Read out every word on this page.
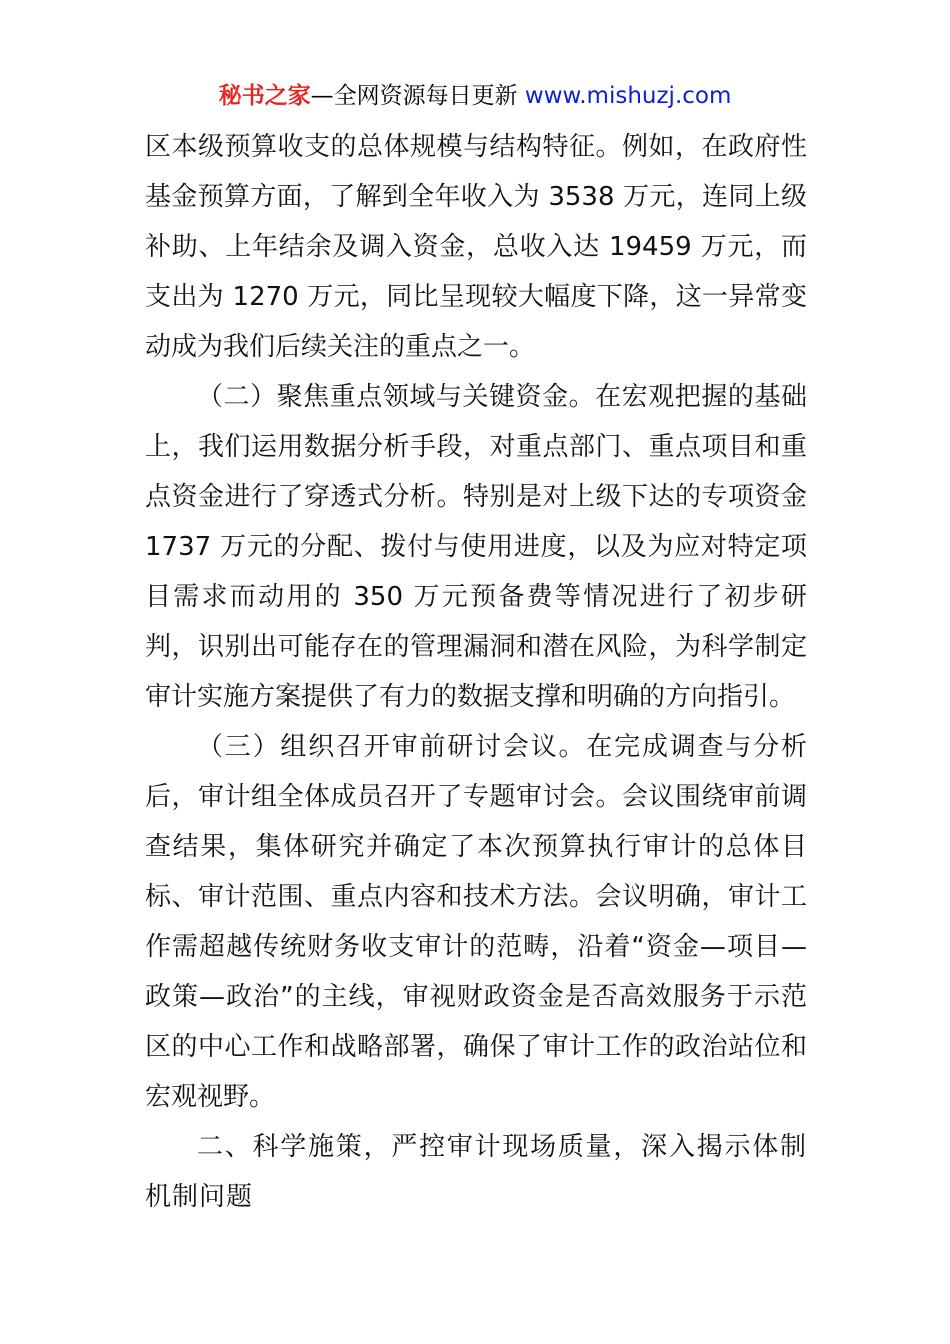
秘书之家—全网资源每日更新 www.mishuzj.com

区本级预算收支的总体规模与结构特征。例如，在政府性基金预算方面，了解到全年收入为 3538 万元，连同上级补助、上年结余及调入资金，总收入达 19459 万元，而支出为 1270 万元，同比呈现较大幅度下降，这一异常变动成为我们后续关注的重点之一。

（二）聚焦重点领域与关键资金。在宏观把握的基础上，我们运用数据分析手段，对重点部门、重点项目和重点资金进行了穿透式分析。特别是对上级下达的专项资金 1737 万元的分配、拨付与使用进度，以及为应对特定项目需求而动用的 350 万元预备费等情况进行了初步研判，识别出可能存在的管理漏洞和潜在风险，为科学制定审计实施方案提供了有力的数据支撑和明确的方向指引。

（三）组织召开审前研讨会议。在完成调查与分析后，审计组全体成员召开了专题审讨会。会议围绕审前调查结果，集体研究并确定了本次预算执行审计的总体目标、审计范围、重点内容和技术方法。会议明确，审计工作需超越传统财务收支审计的范畴，沿着“资金—项目—政策—政治”的主线，审视财政资金是否高效服务于示范区的中心工作和战略部署，确保了审计工作的政治站位和宏观视野。

二、科学施策，严控审计现场质量，深入揭示体制机制问题
